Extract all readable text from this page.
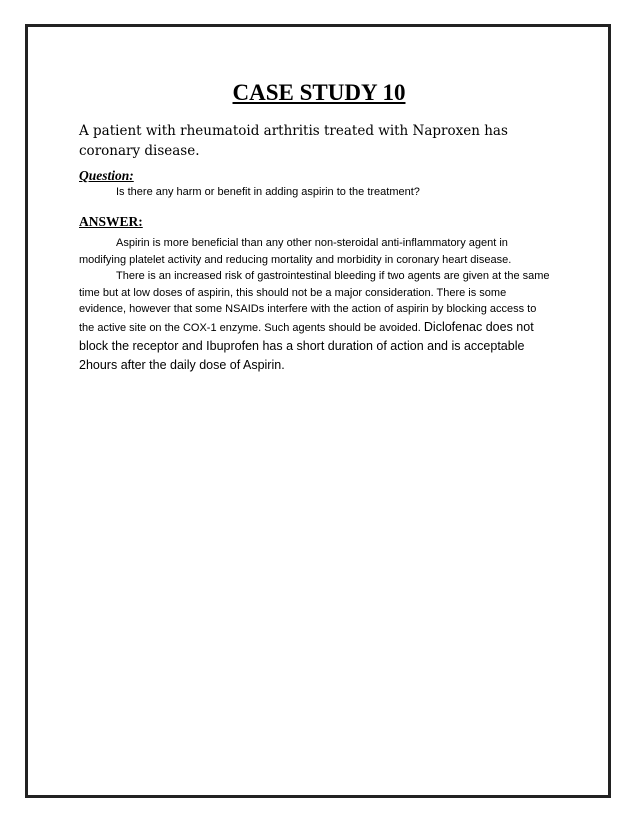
CASE STUDY 10

A patient with rheumatoid arthritis treated with Naproxen has coronary disease.

Question:

Is there any harm or benefit in adding aspirin to the treatment?

ANSWER:

Aspirin is more beneficial than any other non-steroidal anti-inflammatory agent in modifying platelet activity and reducing mortality and morbidity in coronary heart disease.

There is an increased risk of gastrointestinal bleeding if two agents are given at the same time but at low doses of aspirin, this should not be a major consideration. There is some evidence, however that some NSAIDs interfere with the action of aspirin by blocking access to the active site on the COX-1 enzyme. Such agents should be avoided. Diclofenac does not block the receptor and Ibuprofen has a short duration of action and is acceptable 2hours after the daily dose of Aspirin.
